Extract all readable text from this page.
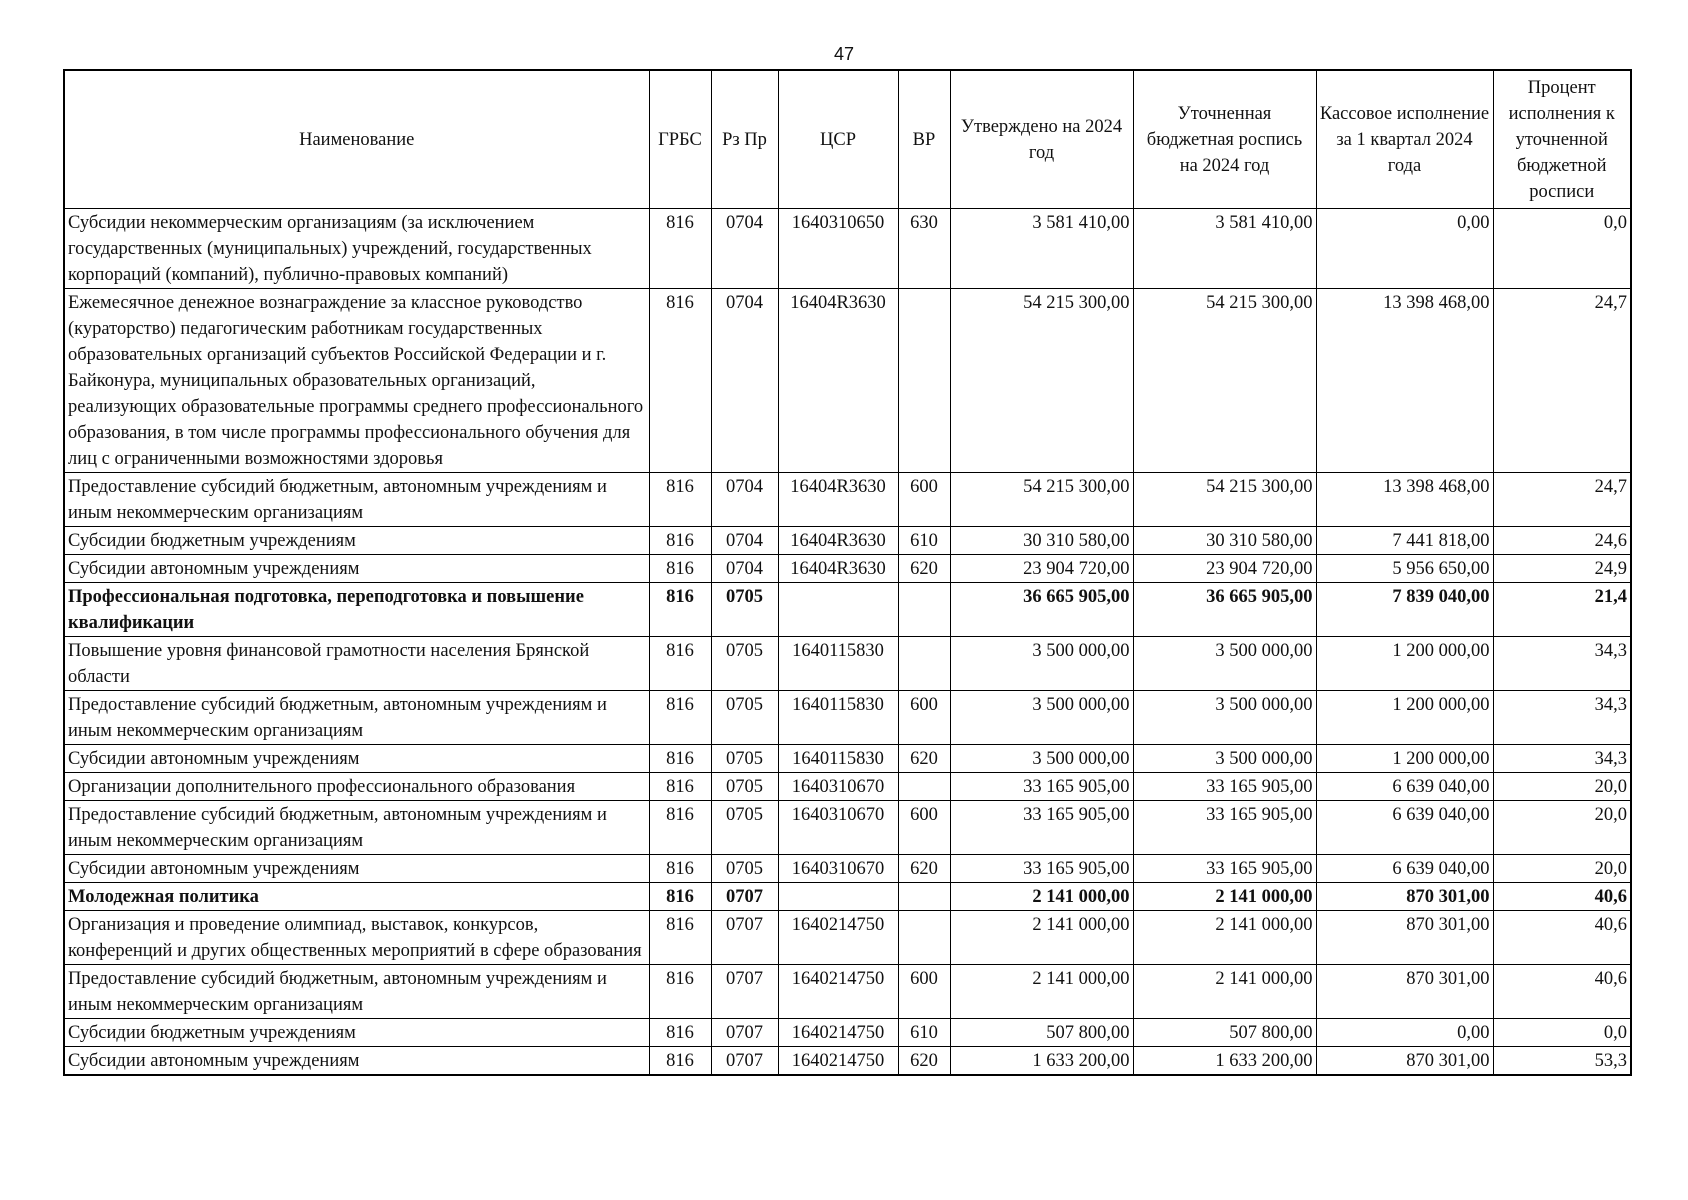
47
Наименование	ГРБС	Рз Пр	ЦСР	ВР	Утверждено на 2024 год	Уточненная бюджетная роспись на 2024 год	Кассовое исполнение за 1 квартал 2024 года	Процент исполнения к уточненной бюджетной росписи
Субсидии некоммерческим организациям (за исключением государственных (муниципальных) учреждений, государственных корпораций (компаний), публично-правовых компаний)	816	0704	1640310650	630	3 581 410,00	3 581 410,00	0,00	0,0
Ежемесячное денежное вознаграждение за классное руководство (кураторство) педагогическим работникам государственных образовательных организаций субъектов Российской Федерации и г. Байконура, муниципальных образовательных организаций, реализующих образовательные программы среднего профессионального образования, в том числе программы профессионального обучения для лиц с ограниченными возможностями здоровья	816	0704	16404R3630		54 215 300,00	54 215 300,00	13 398 468,00	24,7
Предоставление субсидий бюджетным, автономным учреждениям и иным некоммерческим организациям	816	0704	16404R3630	600	54 215 300,00	54 215 300,00	13 398 468,00	24,7
Субсидии бюджетным учреждениям	816	0704	16404R3630	610	30 310 580,00	30 310 580,00	7 441 818,00	24,6
Субсидии автономным учреждениям	816	0704	16404R3630	620	23 904 720,00	23 904 720,00	5 956 650,00	24,9
Профессиональная подготовка, переподготовка и повышение квалификации	816	0705			36 665 905,00	36 665 905,00	7 839 040,00	21,4
Повышение уровня финансовой грамотности населения Брянской области	816	0705	1640115830		3 500 000,00	3 500 000,00	1 200 000,00	34,3
Предоставление субсидий бюджетным, автономным учреждениям и иным некоммерческим организациям	816	0705	1640115830	600	3 500 000,00	3 500 000,00	1 200 000,00	34,3
Субсидии автономным учреждениям	816	0705	1640115830	620	3 500 000,00	3 500 000,00	1 200 000,00	34,3
Организации дополнительного профессионального образования	816	0705	1640310670		33 165 905,00	33 165 905,00	6 639 040,00	20,0
Предоставление субсидий бюджетным, автономным учреждениям и иным некоммерческим организациям	816	0705	1640310670	600	33 165 905,00	33 165 905,00	6 639 040,00	20,0
Субсидии автономным учреждениям	816	0705	1640310670	620	33 165 905,00	33 165 905,00	6 639 040,00	20,0
Молодежная политика	816	0707			2 141 000,00	2 141 000,00	870 301,00	40,6
Организация и проведение олимпиад, выставок, конкурсов, конференций и других общественных мероприятий в сфере образования	816	0707	1640214750		2 141 000,00	2 141 000,00	870 301,00	40,6
Предоставление субсидий бюджетным, автономным учреждениям и иным некоммерческим организациям	816	0707	1640214750	600	2 141 000,00	2 141 000,00	870 301,00	40,6
Субсидии бюджетным учреждениям	816	0707	1640214750	610	507 800,00	507 800,00	0,00	0,0
Субсидии автономным учреждениям	816	0707	1640214750	620	1 633 200,00	1 633 200,00	870 301,00	53,3
